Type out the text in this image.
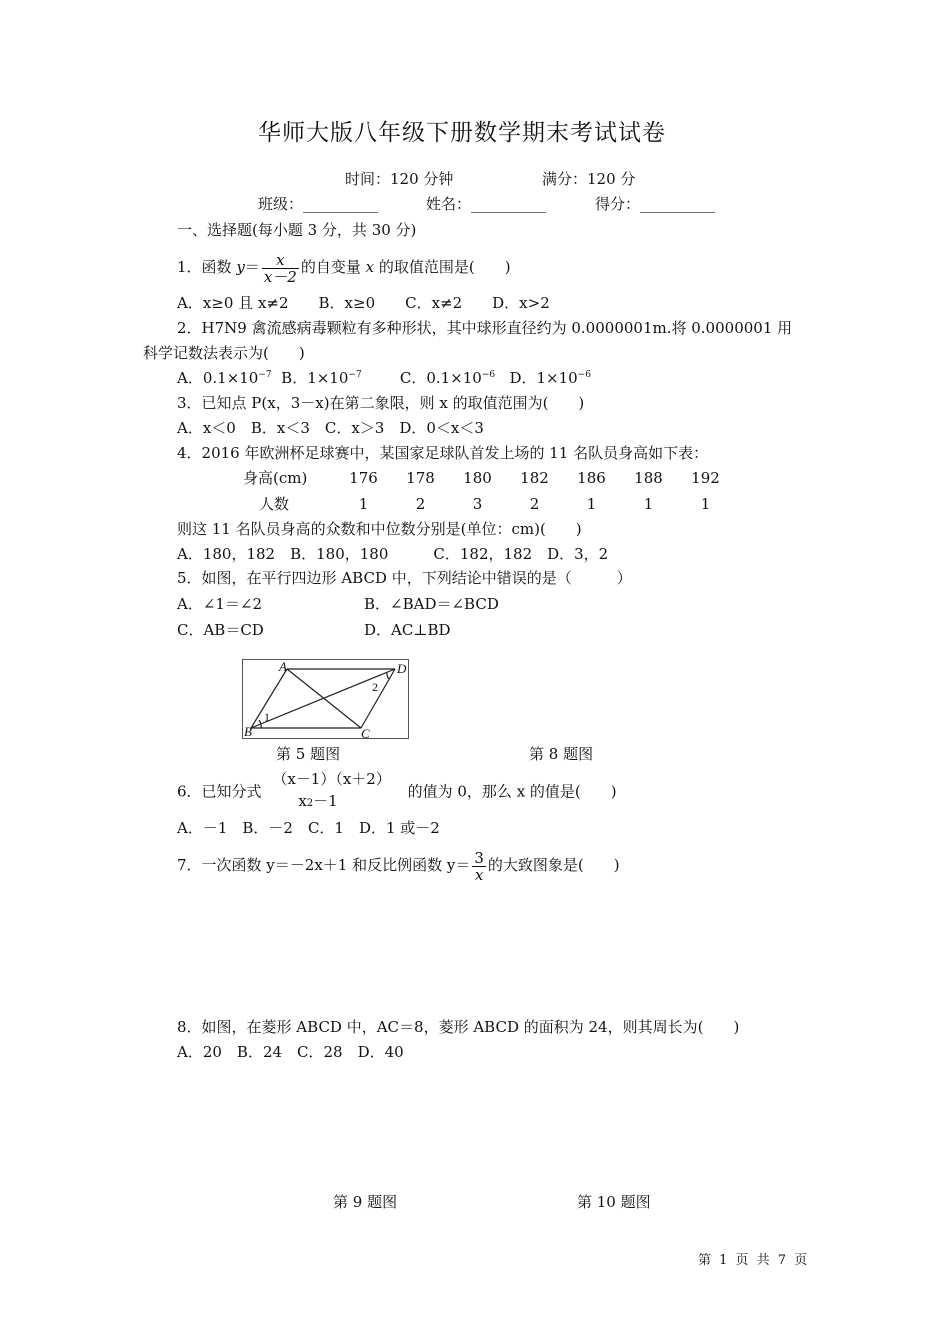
华师大版八年级下册数学期末考试试卷
时间：120 分钟	满分：120 分
班级：__________	姓名：__________	得分：__________
一、选择题(每小题 3 分，共 30 分)
1．函数 $y= \frac{x}{x-2}$ 的自变量 x 的取值范围是(　　)
A．x≥0 且 x≠2　　B．x≥0　　C．x≠2　　D．x>2
2．H7N9 禽流感病毒颗粒有多种形状，其中球形直径约为 0.0000001m.将 0.0000001 用
科学记数法表示为(　　)
A．$0.1\times 10^{-7}$ B．$1\times 10^{-7}$	C．$0.1\times 10^{-6}$ D．$1\times 10^{-6}$
3．已知点 P(x，3－x)在第二象限，则 x 的取值范围为(　　)
A．x＜0　B．x＜3　C．x＞3　D．0＜x＜3
4．2016 年欧洲杯足球赛中，某国家足球队首发上场的 11 名队员身高如下表：
身高(cm)	176 178 180 182 186 188 192
人数	1	2	3	2	1	1	1
则这 11 名队员身高的众数和中位数分别是(单位：cm)(　　)
A．180，182　B．180，180　　　C．182，182　D．3，2
5．如图，在平行四边形 ABCD 中，下列结论中错误的是（　　　）
A．∠1＝∠2	B．∠BAD＝∠BCD
C．AB＝CD	D．AC⊥BD
A	D
B	C
1
2
第 5 题图	第 8 题图
6．已知分式
（x－1）（x＋2）
x2－1
的值为 0，那么 x 的值是(　　)
A．－1　B．－2　C．1　D．1 或－2
7．一次函数 y＝－2x＋1 和反比例函数 $y= \frac{3}{x}$ 的大致图象是(　　)
8．如图，在菱形 ABCD 中，AC＝8，菱形 ABCD 的面积为 24，则其周长为(　　)
A．20　B．24　C．28　D．40
第 9 题图	第 10 题图
第 1 页 共 7 页
